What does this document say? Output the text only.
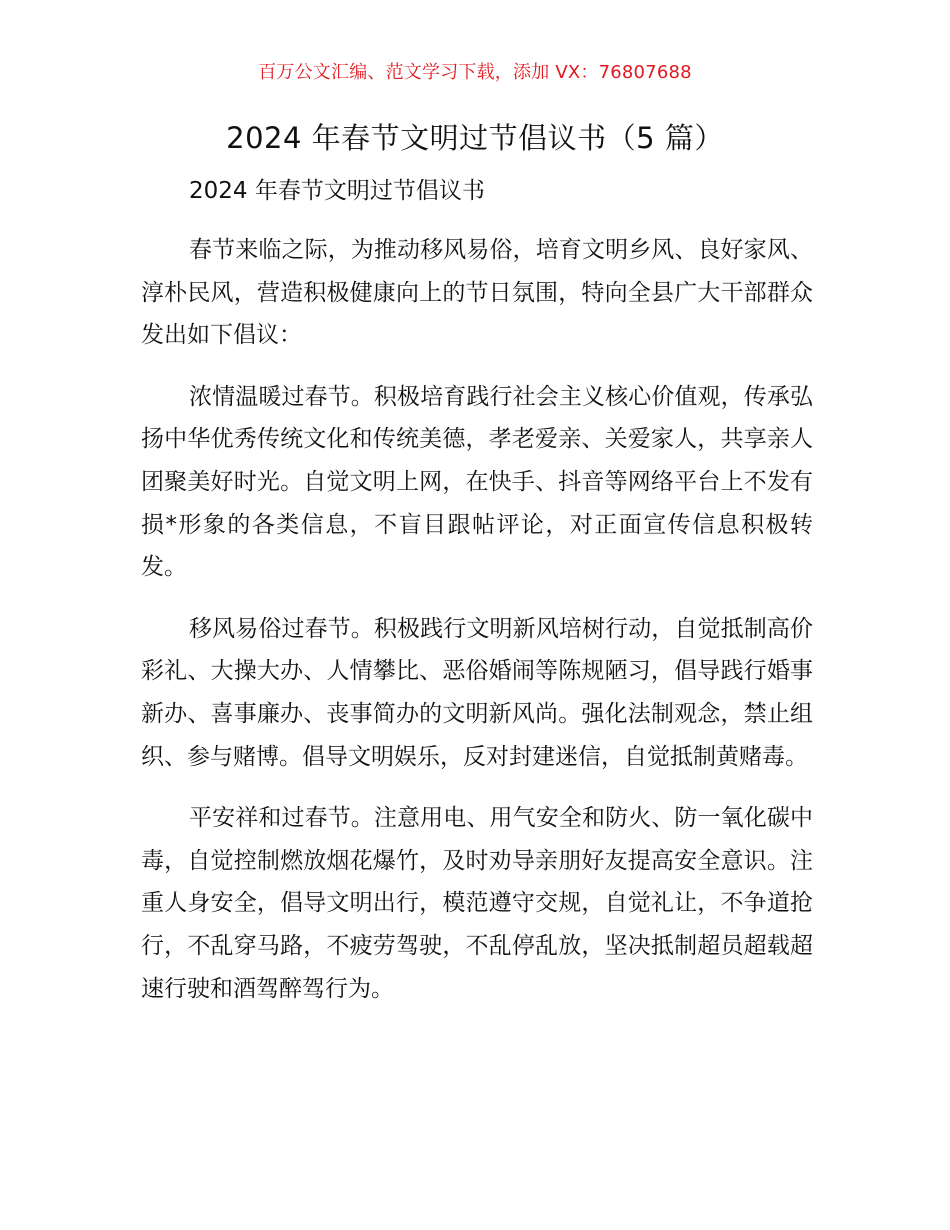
百万公文汇编、范文学习下载，添加 VX：76807688
2024 年春节文明过节倡议书（5 篇）
2024 年春节文明过节倡议书

春节来临之际，为推动移风易俗，培育文明乡风、良好家风、淳朴民风，营造积极健康向上的节日氛围，特向全县广大干部群众发出如下倡议：

浓情温暖过春节。积极培育践行社会主义核心价值观，传承弘扬中华优秀传统文化和传统美德，孝老爱亲、关爱家人，共享亲人团聚美好时光。自觉文明上网，在快手、抖音等网络平台上不发有损*形象的各类信息，不盲目跟帖评论，对正面宣传信息积极转发。

移风易俗过春节。积极践行文明新风培树行动，自觉抵制高价彩礼、大操大办、人情攀比、恶俗婚闹等陈规陋习，倡导践行婚事新办、喜事廉办、丧事简办的文明新风尚。强化法制观念，禁止组织、参与赌博。倡导文明娱乐，反对封建迷信，自觉抵制黄赌毒。

平安祥和过春节。注意用电、用气安全和防火、防一氧化碳中毒，自觉控制燃放烟花爆竹，及时劝导亲朋好友提高安全意识。注重人身安全，倡导文明出行，模范遵守交规，自觉礼让，不争道抢行，不乱穿马路，不疲劳驾驶，不乱停乱放，坚决抵制超员超载超速行驶和酒驾醉驾行为。
